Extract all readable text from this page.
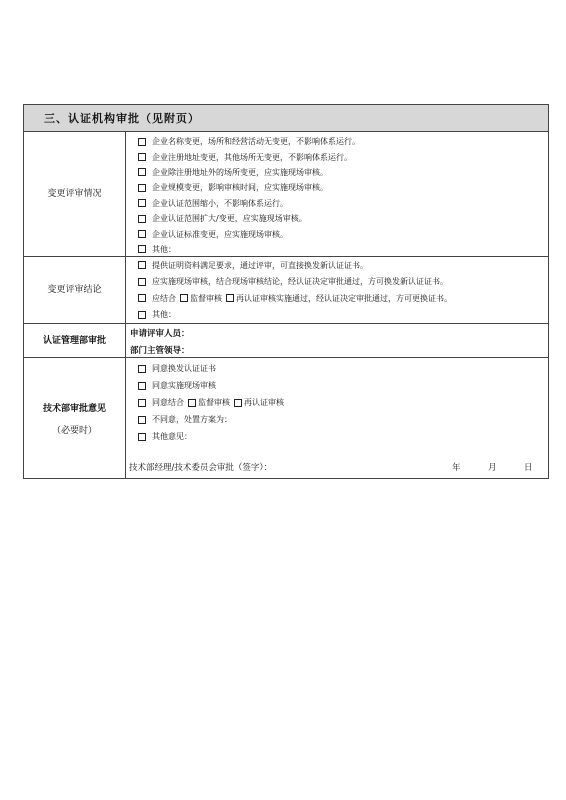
三、认证机构审批（见附页）
变更评审情况
企业名称变更，场所和经营活动无变更，不影响体系运行。
企业注册地址变更，其他场所无变更，不影响体系运行。
企业除注册地址外的场所变更，应实施现场审核。
企业规模变更，影响审核时间，应实施现场审核。
企业认证范围缩小，不影响体系运行。
企业认证范围扩大/变更，应实施现场审核。
企业认证标准变更，应实施现场审核。
其他：
变更评审结论
提供证明资料满足要求，通过评审，可直接换发新认证证书。
应实施现场审核，结合现场审核结论，经认证决定审批通过，方可换发新认证证书。
应结合 监督审核 再认证审核实施通过，经认证决定审批通过，方可更换证书。
其他：
认证管理部审批
申请评审人员：
部门主管领导：
技术部审批意见
（必要时）
同意换发认证证书
同意实施现场审核
同意结合 监督审核 再认证审核
不同意，处置方案为：
其他意见：
技术部经理/技术委员会审批（签字）：	年	月	日
